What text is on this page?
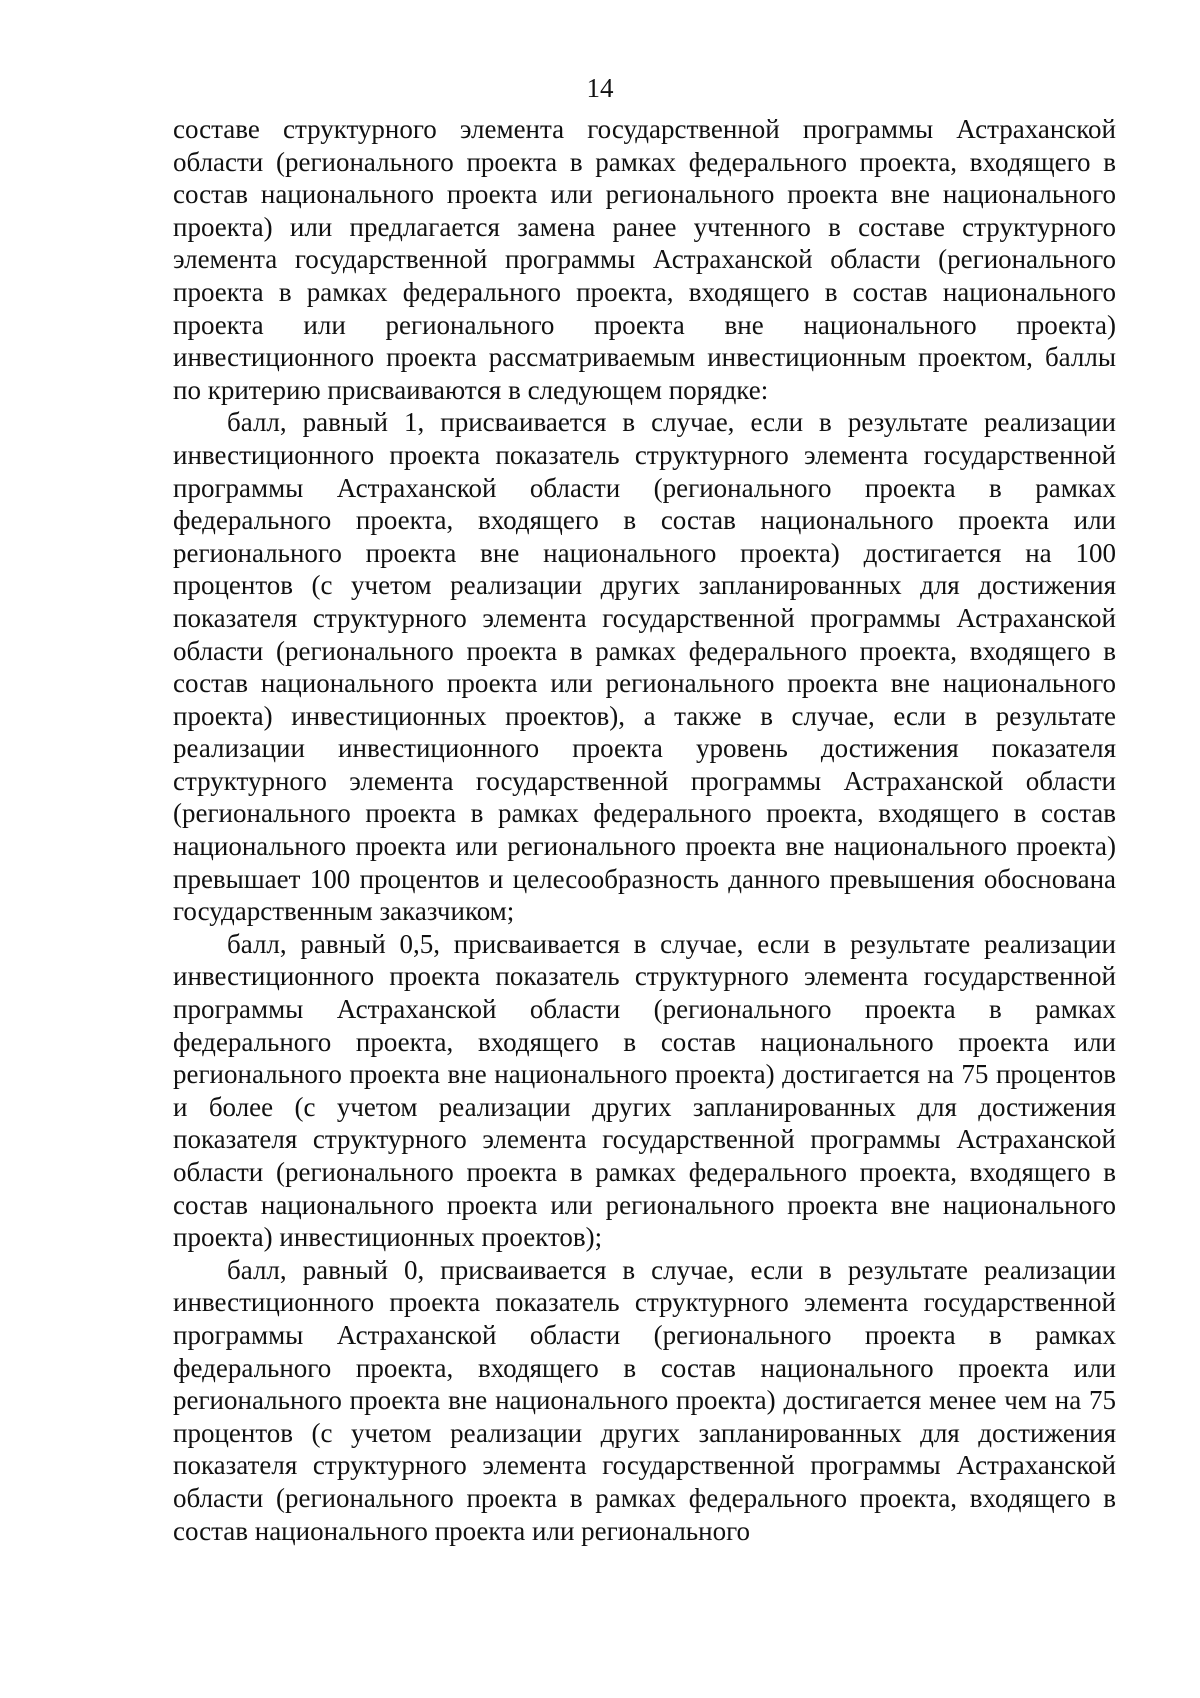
14

составе структурного элемента государственной программы Астраханской области (регионального проекта в рамках федерального проекта, входящего в состав национального проекта или регионального проекта вне национального проекта) или предлагается замена ранее учтенного в составе структурного элемента государственной программы Астраханской области (регионального проекта в рамках федерального проекта, входящего в состав национального проекта или регионального проекта вне национального проекта) инвестиционного проекта рассматриваемым инвестиционным проектом, баллы по критерию присваиваются в следующем порядке:

балл, равный 1, присваивается в случае, если в результате реализации инвестиционного проекта показатель структурного элемента государственной программы Астраханской области (регионального проекта в рамках федерального проекта, входящего в состав национального проекта или регионального проекта вне национального проекта) достигается на 100 процентов (с учетом реализации других запланированных для достижения показателя структурного элемента государственной программы Астраханской области (регионального проекта в рамках федерального проекта, входящего в состав национального проекта или регионального проекта вне национального проекта) инвестиционных проектов), а также в случае, если в результате реализации инвестиционного проекта уровень достижения показателя структурного элемента государственной программы Астраханской области (регионального проекта в рамках федерального проекта, входящего в состав национального проекта или регионального проекта вне национального проекта) превышает 100 процентов и целесообразность данного превышения обоснована государственным заказчиком;

балл, равный 0,5, присваивается в случае, если в результате реализации инвестиционного проекта показатель структурного элемента государственной программы Астраханской области (регионального проекта в рамках федерального проекта, входящего в состав национального проекта или регионального проекта вне национального проекта) достигается на 75 процентов и более (с учетом реализации других запланированных для достижения показателя структурного элемента государственной программы Астраханской области (регионального проекта в рамках федерального проекта, входящего в состав национального проекта или регионального проекта вне национального проекта) инвестиционных проектов);

балл, равный 0, присваивается в случае, если в результате реализации инвестиционного проекта показатель структурного элемента государственной программы Астраханской области (регионального проекта в рамках федерального проекта, входящего в состав национального проекта или регионального проекта вне национального проекта) достигается менее чем на 75 процентов (с учетом реализации других запланированных для достижения показателя структурного элемента государственной программы Астраханской области (регионального проекта в рамках федерального проекта, входящего в состав национального проекта или регионального
